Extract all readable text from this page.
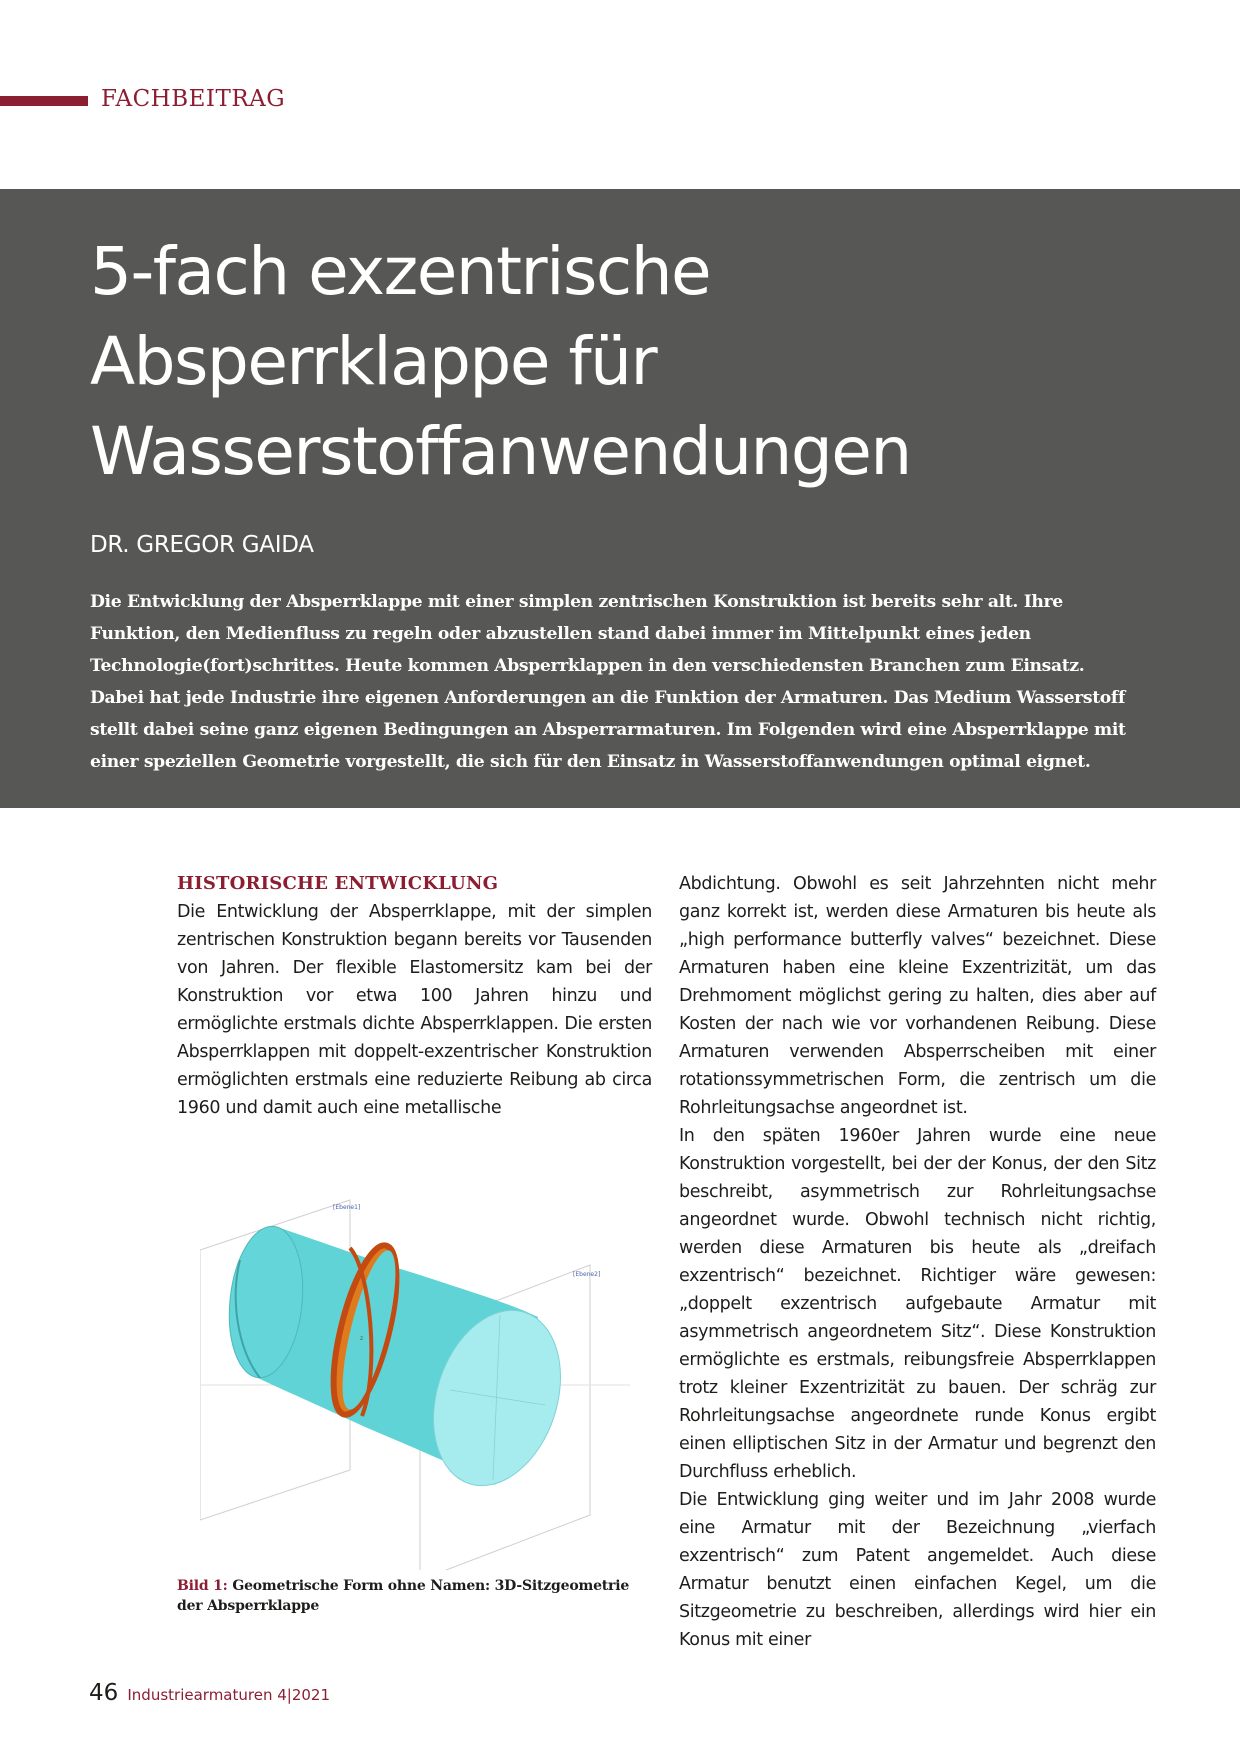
FACHBEITRAG
5-fach exzentrische
Absperrklappe für
Wasserstoffanwendungen

DR. GREGOR GAIDA

Die Entwicklung der Absperrklappe mit einer simplen zentrischen Konstruktion ist bereits sehr alt. Ihre Funktion, den Medienfluss zu regeln oder abzustellen stand dabei immer im Mittelpunkt eines jeden Technologie(fort)schrittes. Heute kommen Absperrklappen in den verschiedensten Branchen zum Einsatz.

Dabei hat jede Industrie ihre eigenen Anforderungen an die Funktion der Armaturen. Das Medium Wasserstoff stellt dabei seine ganz eigenen Bedingungen an Absperrarmaturen. Im Folgenden wird eine Absperrklappe mit einer speziellen Geometrie vorgestellt, die sich für den Einsatz in Wasserstoffanwendungen optimal eignet.

HISTORISCHE ENTWICKLUNG

Die Entwicklung der Absperrklappe, mit der simplen zentrischen Konstruktion begann bereits vor Tausenden von Jahren. Der flexible Elastomersitz kam bei der Konstruktion vor etwa 100 Jahren hinzu und ermöglichte erstmals dichte Absperrklappen. Die ersten Absperrklappen mit doppelt-exzentrischer Konstruktion ermöglichten erstmals eine reduzierte Reibung ab circa 1960 und damit auch eine metallische

[Ebene1]
[Ebene2]
z
Bild 1: Geometrische Form ohne Namen: 3D-Sitzgeometrie der Absperrklappe

Abdichtung. Obwohl es seit Jahrzehnten nicht mehr ganz korrekt ist, werden diese Armaturen bis heute als „high performance butterfly valves“ bezeichnet. Diese Armaturen haben eine kleine Exzentrizität, um das Drehmoment möglichst gering zu halten, dies aber auf Kosten der nach wie vor vorhandenen Reibung. Diese Armaturen verwenden Absperrscheiben mit einer rotationssymmetrischen Form, die zentrisch um die Rohrleitungsachse angeordnet ist.

In den späten 1960er Jahren wurde eine neue Konstruktion vorgestellt, bei der der Konus, der den Sitz beschreibt, asymmetrisch zur Rohrleitungsachse angeordnet wurde. Obwohl technisch nicht richtig, werden diese Armaturen bis heute als „dreifach exzentrisch“ bezeichnet. Richtiger wäre gewesen: „doppelt exzentrisch aufgebaute Armatur mit asymmetrisch angeordnetem Sitz“. Diese Konstruktion ermöglichte es erstmals, reibungsfreie Absperrklappen trotz kleiner Exzentrizität zu bauen. Der schräg zur Rohrleitungsachse angeordnete runde Konus ergibt einen elliptischen Sitz in der Armatur und begrenzt den Durchfluss erheblich.

Die Entwicklung ging weiter und im Jahr 2008 wurde eine Armatur mit der Bezeichnung „vierfach exzentrisch“ zum Patent angemeldet. Auch diese Armatur benutzt einen einfachen Kegel, um die Sitzgeometrie zu beschreiben, allerdings wird hier ein Konus mit einer

46 Industriearmaturen 4|2021
